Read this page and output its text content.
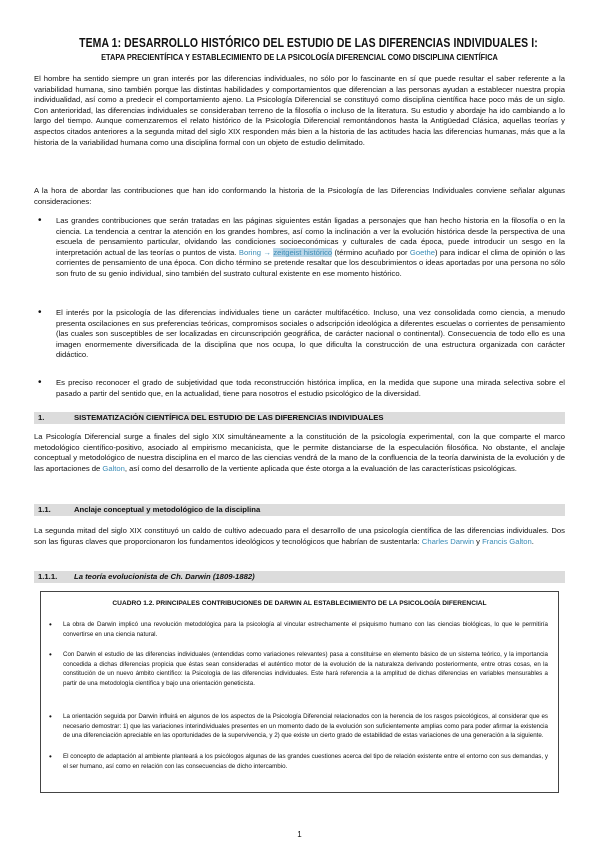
TEMA 1: DESARROLLO HISTÓRICO DEL ESTUDIO DE LAS DIFERENCIAS INDIVIDUALES I:
ETAPA PRECIENTÍFICA Y ESTABLECIMIENTO DE LA PSICOLOGÍA DIFERENCIAL COMO DISCIPLINA CIENTÍFICA
El hombre ha sentido siempre un gran interés por las diferencias individuales, no sólo por lo fascinante en sí que puede resultar el saber referente a la variabilidad humana, sino también porque las distintas habilidades y comportamientos que diferencian a las personas ayudan a establecer nuestra propia individualidad, así como a predecir el comportamiento ajeno. La Psicología Diferencial se constituyó como disciplina científica hace poco más de un siglo. Con anterioridad, las diferencias individuales se consideraban terreno de la filosofía o incluso de la literatura. Su estudio y abordaje ha ido cambiando a lo largo del tiempo. Aunque comenzaremos el relato histórico de la Psicología Diferencial remontándonos hasta la Antigüedad Clásica, aquellas teorías y aspectos citados anteriores a la segunda mitad del siglo XIX responden más bien a la historia de las actitudes hacia las diferencias humanas, más que a la historia de la variabilidad humana como una disciplina formal con un objeto de estudio delimitado.
A la hora de abordar las contribuciones que han ido conformando la historia de la Psicología de las Diferencias Individuales conviene señalar algunas consideraciones:
• Las grandes contribuciones que serán tratadas en las páginas siguientes están ligadas a personajes que han hecho historia en la filosofía o en la ciencia. La tendencia a centrar la atención en los grandes hombres, así como la inclinación a ver la evolución histórica desde la perspectiva de una escuela de pensamiento particular, olvidando las condiciones socioeconómicas y culturales de cada época, puede introducir un sesgo en la interpretación actual de las teorías o puntos de vista. Boring → zeitgeist histórico (término acuñado por Goethe) para indicar el clima de opinión o las corrientes de pensamiento de una época. Con dicho término se pretende resaltar que los descubrimientos o ideas aportadas por una persona no sólo son fruto de su genio individual, sino también del sustrato cultural existente en ese momento histórico.
• El interés por la psicología de las diferencias individuales tiene un carácter multifacético. Incluso, una vez consolidada como ciencia, a menudo presenta oscilaciones en sus preferencias teóricas, compromisos sociales o adscripción ideológica a diferentes escuelas o corrientes de pensamiento (las cuales son susceptibles de ser localizadas en circunscripción geográfica, de carácter nacional o continental). Consecuencia de todo ello es una imagen enormemente diversificada de la disciplina que nos ocupa, lo que dificulta la construcción de una estructura organizada con carácter didáctico.
• Es preciso reconocer el grado de subjetividad que toda reconstrucción histórica implica, en la medida que supone una mirada selectiva sobre el pasado a partir del sentido que, en la actualidad, tiene para nosotros el estudio psicológico de la diversidad.
1.	SISTEMATIZACIÓN CIENTÍFICA DEL ESTUDIO DE LAS DIFERENCIAS INDIVIDUALES
La Psicología Diferencial surge a finales del siglo XIX simultáneamente a la constitución de la psicología experimental, con la que comparte el marco metodológico científico-positivo, asociado al empirismo mecanicista, que le permite distanciarse de la especulación filosófica. No obstante, el anclaje conceptual y metodológico de nuestra disciplina en el marco de las ciencias vendrá de la mano de la confluencia de la teoría darwinista de la evolución y de las aportaciones de Galton, así como del desarrollo de la vertiente aplicada que éste otorga a la evaluación de las características psicológicas.
1.1.	Anclaje conceptual y metodológico de la disciplina
La segunda mitad del siglo XIX constituyó un caldo de cultivo adecuado para el desarrollo de una psicología científica de las diferencias individuales. Dos son las figuras claves que proporcionaron los fundamentos ideológicos y tecnológicos que habrían de sustentarla: Charles Darwin y Francis Galton.
1.1.1. La teoría evolucionista de Ch. Darwin (1809-1882)
CUADRO 1.2. PRINCIPALES CONTRIBUCIONES DE DARWIN AL ESTABLECIMIENTO DE LA PSICOLOGÍA DIFERENCIAL
• La obra de Darwin implicó una revolución metodológica para la psicología al vincular estrechamente el psiquismo humano con las ciencias biológicas, lo que le permitiría convertirse en una ciencia natural.
• Con Darwin el estudio de las diferencias individuales (entendidas como variaciones relevantes) pasa a constituirse en elemento básico de un sistema teórico, y la importancia concedida a dichas diferencias propicia que éstas sean consideradas el auténtico motor de la evolución de la naturaleza derivando posteriormente, entre otras cosas, en la constitución de un nuevo ámbito científico: la Psicología de las diferencias individuales. Este hará referencia a la amplitud de dichas diferencias en variables mensurables a partir de una metodología científica y bajo una orientación geneticista.
• La orientación seguida por Darwin influirá en algunos de los aspectos de la Psicología Diferencial relacionados con la herencia de los rasgos psicológicos, al considerar que es necesario demostrar: 1) que las variaciones interindividuales presentes en un momento dado de la evolución son suficientemente amplias como para poder afirmar la existencia de una diferenciación apreciable en las oportunidades de la supervivencia, y 2) que existe un cierto grado de estabilidad de estas variaciones de una generación a la siguiente.
• El concepto de adaptación al ambiente planteará a los psicólogos algunas de las grandes cuestiones acerca del tipo de relación existente entre el entorno con sus demandas, y el ser humano, así como en relación con las consecuencias de dicho intercambio.
1
